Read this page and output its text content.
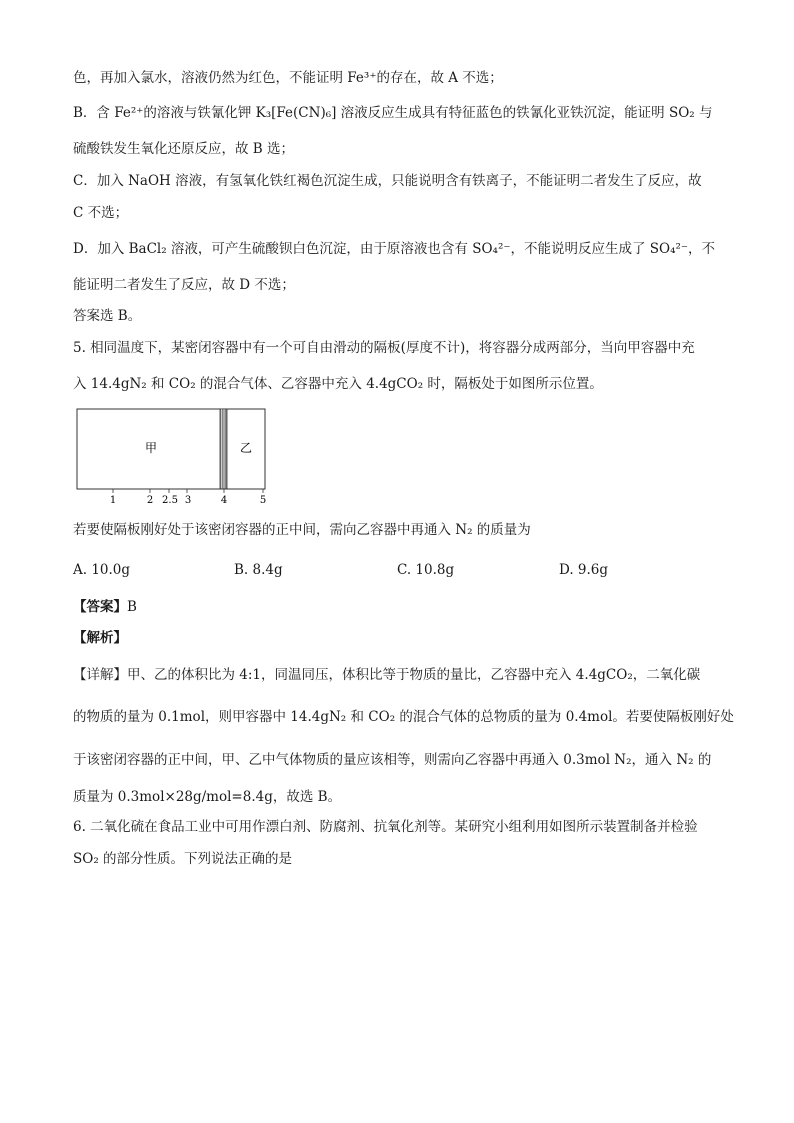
色，再加入氯水，溶液仍然为红色，不能证明 Fe³⁺的存在，故 A 不选；
B．含 Fe²⁺的溶液与铁氰化钾 K₃[Fe(CN)₆] 溶液反应生成具有特征蓝色的铁氰化亚铁沉淀，能证明 SO₂ 与
硫酸铁发生氧化还原反应，故 B 选；
C．加入 NaOH 溶液，有氢氧化铁红褐色沉淀生成，只能说明含有铁离子，不能证明二者发生了反应，故
C 不选；
D．加入 BaCl₂ 溶液，可产生硫酸钡白色沉淀，由于原溶液也含有 SO₄²⁻，不能说明反应生成了 SO₄²⁻，不
能证明二者发生了反应，故 D 不选；
答案选 B。
5. 相同温度下，某密闭容器中有一个可自由滑动的隔板(厚度不计)，将容器分成两部分，当向甲容器中充
入 14.4gN₂ 和 CO₂ 的混合气体、乙容器中充入 4.4gCO₂ 时，隔板处于如图所示位置。
甲	乙
1	2 2.5 3	4	5
若要使隔板刚好处于该密闭容器的正中间，需向乙容器中再通入 N₂ 的质量为
A. 10.0g	B. 8.4g	C. 10.8g	D. 9.6g
【答案】B
【解析】
【详解】甲、乙的体积比为 4:1，同温同压，体积比等于物质的量比，乙容器中充入 4.4gCO₂，二氧化碳
的物质的量为 0.1mol，则甲容器中 14.4gN₂ 和 CO₂ 的混合气体的总物质的量为 0.4mol。若要使隔板刚好处
于该密闭容器的正中间，甲、乙中气体物质的量应该相等，则需向乙容器中再通入 0.3mol N₂，通入 N₂ 的
质量为 0.3mol×28g/mol=8.4g，故选 B。
6. 二氧化硫在食品工业中可用作漂白剂、防腐剂、抗氧化剂等。某研究小组利用如图所示装置制备并检验
SO₂ 的部分性质。下列说法正确的是
